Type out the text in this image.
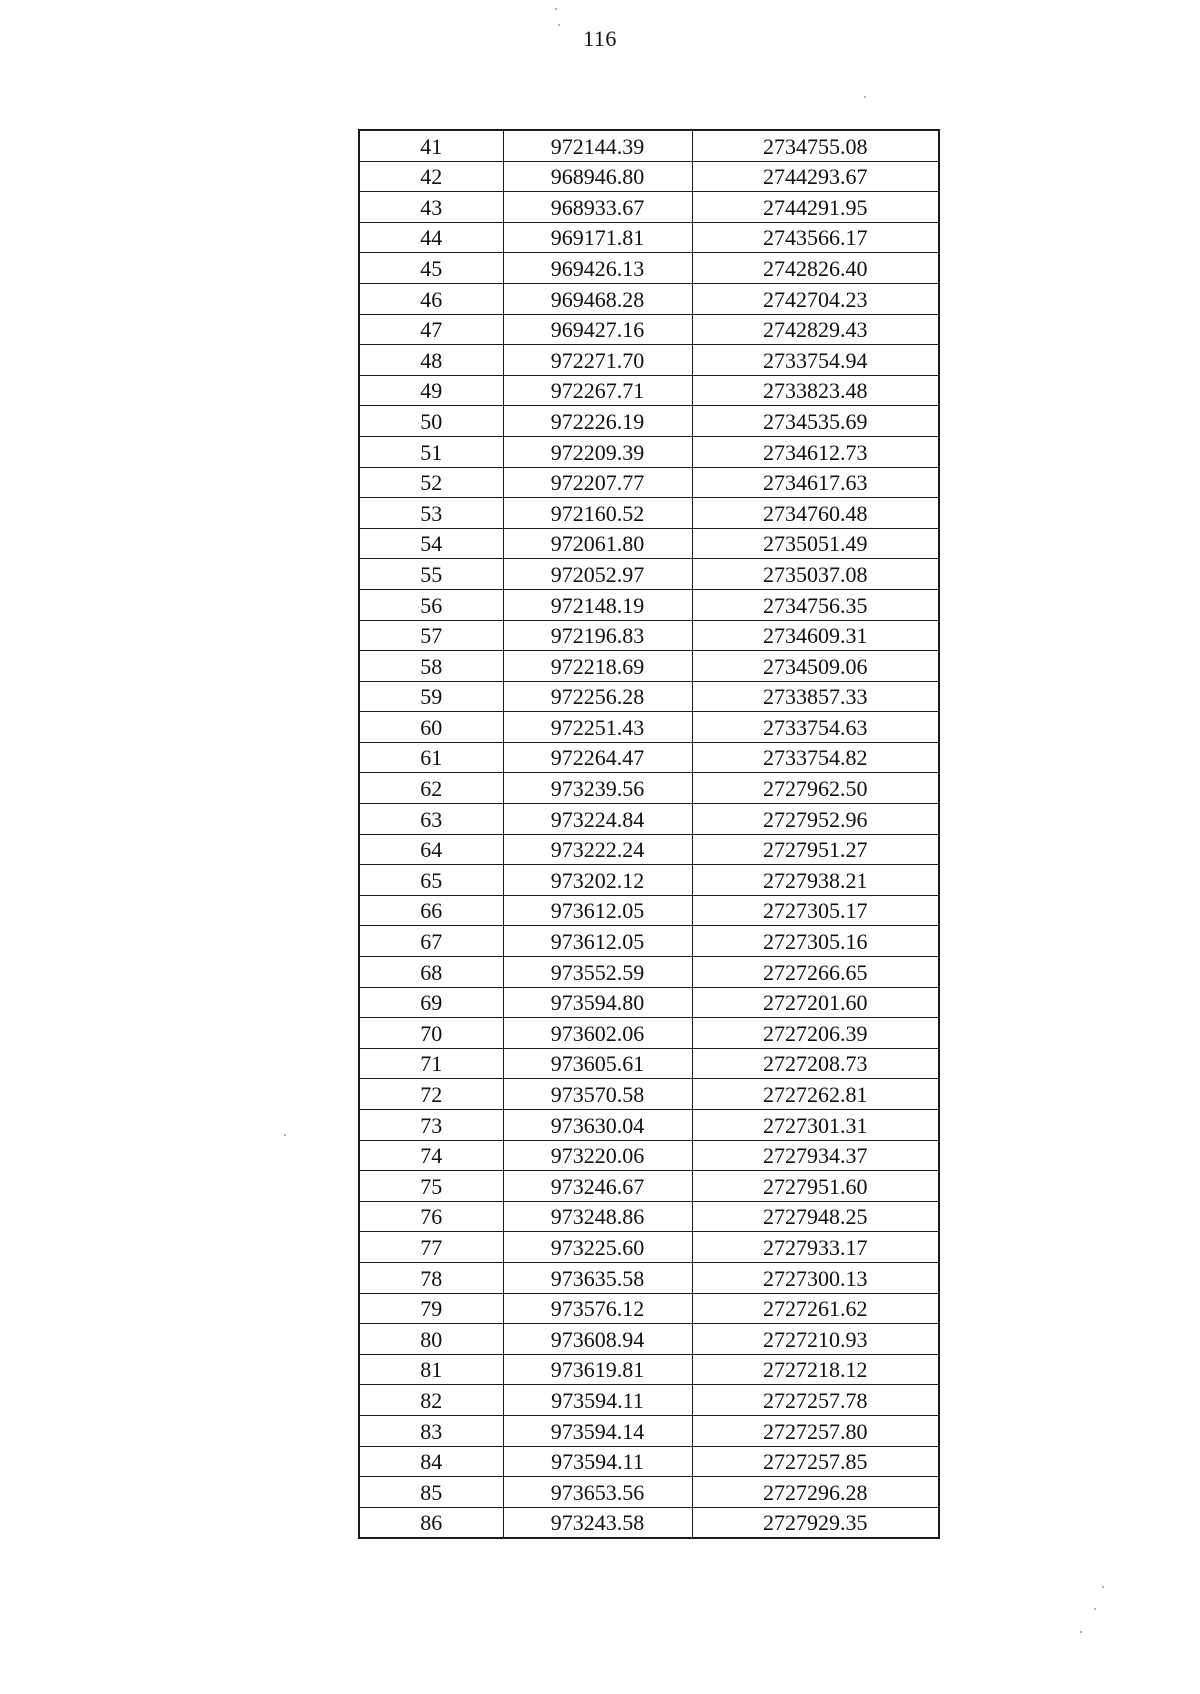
116
41	972144.39	2734755.08
42	968946.80	2744293.67
43	968933.67	2744291.95
44	969171.81	2743566.17
45	969426.13	2742826.40
46	969468.28	2742704.23
47	969427.16	2742829.43
48	972271.70	2733754.94
49	972267.71	2733823.48
50	972226.19	2734535.69
51	972209.39	2734612.73
52	972207.77	2734617.63
53	972160.52	2734760.48
54	972061.80	2735051.49
55	972052.97	2735037.08
56	972148.19	2734756.35
57	972196.83	2734609.31
58	972218.69	2734509.06
59	972256.28	2733857.33
60	972251.43	2733754.63
61	972264.47	2733754.82
62	973239.56	2727962.50
63	973224.84	2727952.96
64	973222.24	2727951.27
65	973202.12	2727938.21
66	973612.05	2727305.17
67	973612.05	2727305.16
68	973552.59	2727266.65
69	973594.80	2727201.60
70	973602.06	2727206.39
71	973605.61	2727208.73
72	973570.58	2727262.81
73	973630.04	2727301.31
74	973220.06	2727934.37
75	973246.67	2727951.60
76	973248.86	2727948.25
77	973225.60	2727933.17
78	973635.58	2727300.13
79	973576.12	2727261.62
80	973608.94	2727210.93
81	973619.81	2727218.12
82	973594.11	2727257.78
83	973594.14	2727257.80
84	973594.11	2727257.85
85	973653.56	2727296.28
86	973243.58	2727929.35
